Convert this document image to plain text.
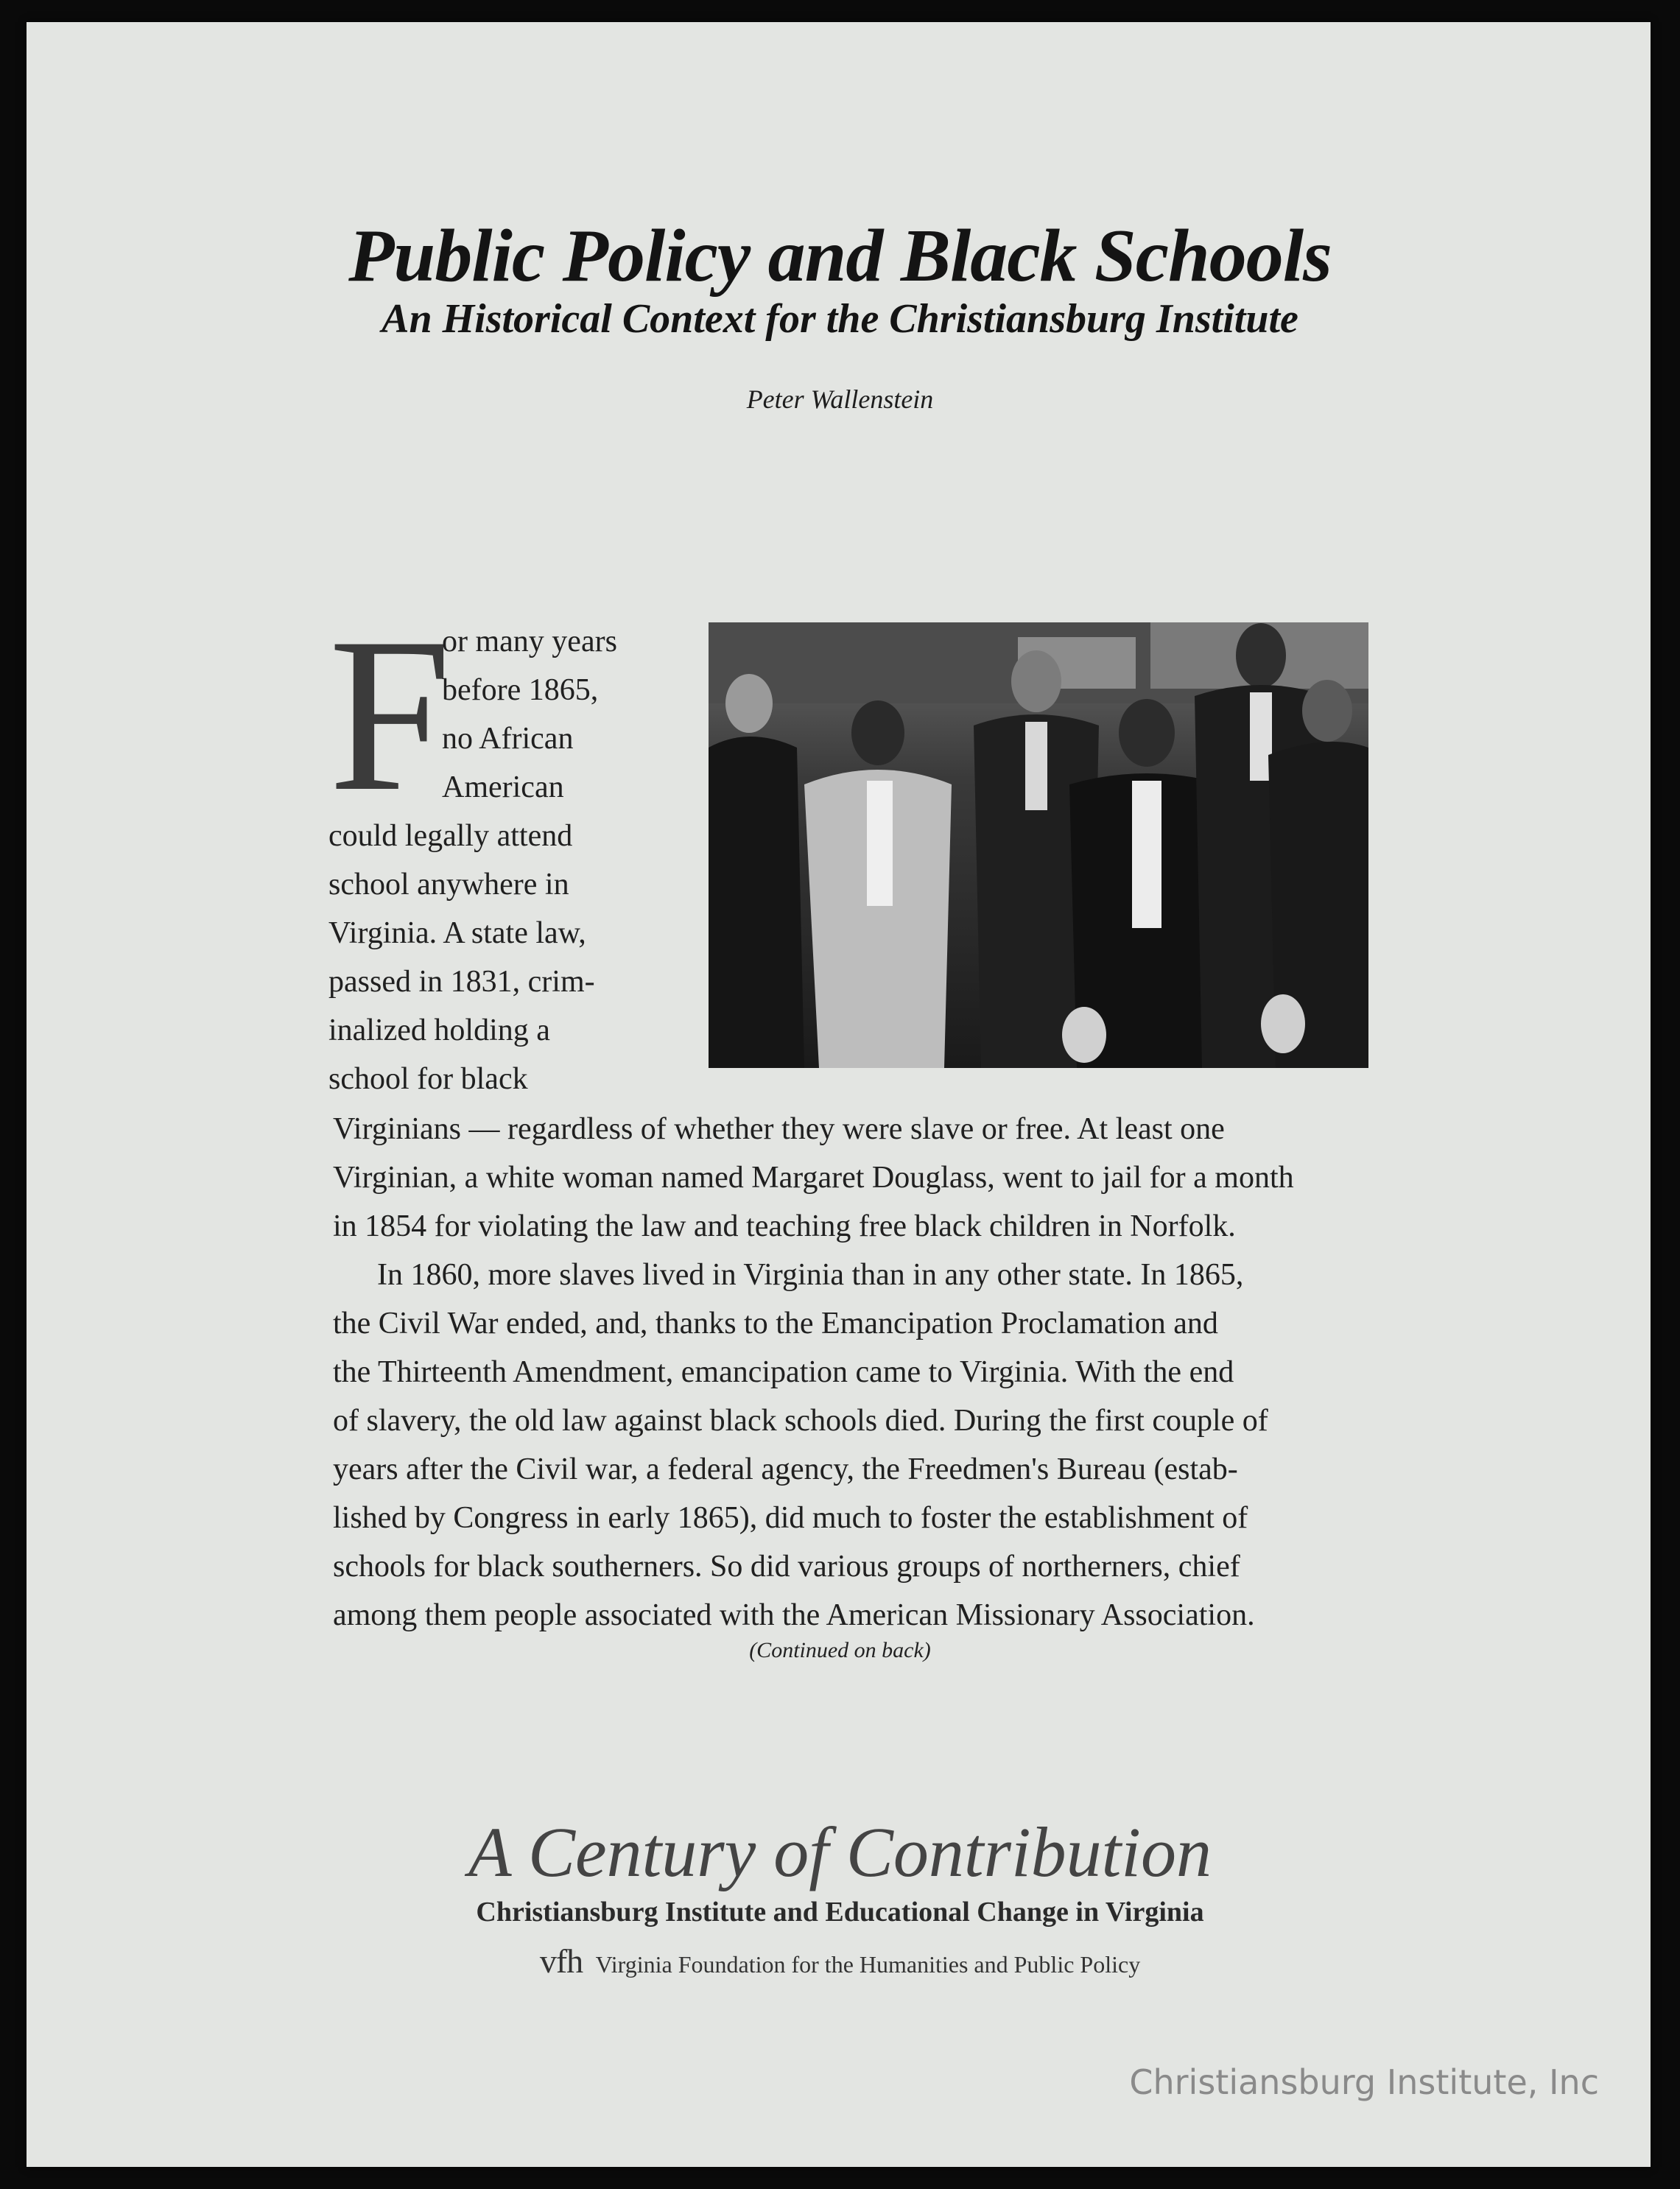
Public Policy and Black Schools
An Historical Context for the Christiansburg Institute
Peter Wallenstein
F
or many years
before 1865,
no African
American
could legally attend
school anywhere in
Virginia. A state law,
passed in 1831, crim-
inalized holding a
school for black
Virginians — regardless of whether they were slave or free. At least one
Virginian, a white woman named Margaret Douglass, went to jail for a month
in 1854 for violating the law and teaching free black children in Norfolk.
In 1860, more slaves lived in Virginia than in any other state. In 1865,
the Civil War ended, and, thanks to the Emancipation Proclamation and
the Thirteenth Amendment, emancipation came to Virginia. With the end
of slavery, the old law against black schools died. During the first couple of
years after the Civil war, a federal agency, the Freedmen's Bureau (estab-
lished by Congress in early 1865), did much to foster the establishment of
schools for black southerners. So did various groups of northerners, chief
among them people associated with the American Missionary Association.
(Continued on back)
A Century of Contribution
Christiansburg Institute and Educational Change in Virginia
vfh Virginia Foundation for the Humanities and Public Policy
Christiansburg Institute, Inc
